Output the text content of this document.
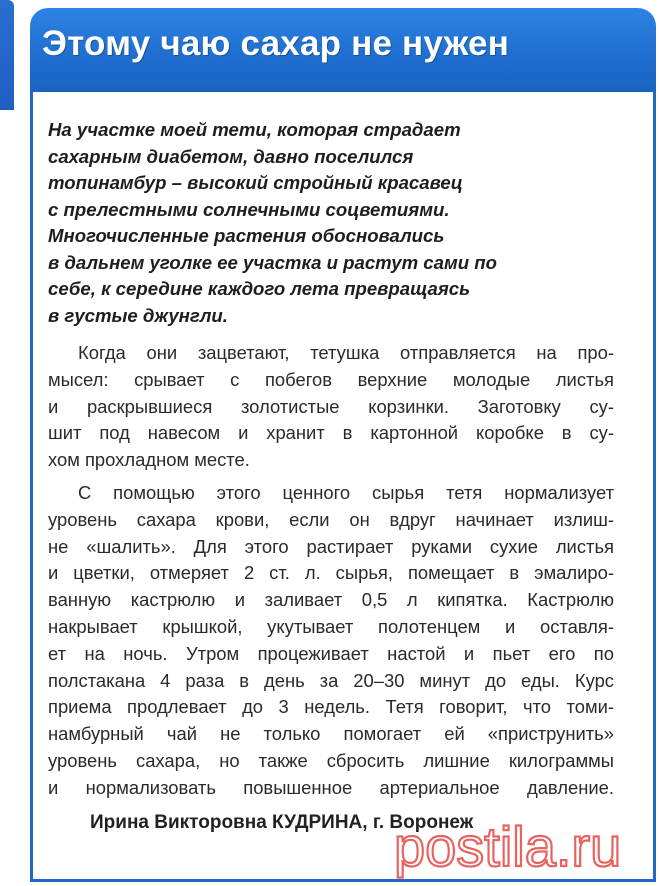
Этому чаю сахар не нужен
На участке моей тети, которая страдает
сахарным диабетом, давно поселился
топинамбур – высокий стройный красавец
с прелестными солнечными соцветиями.
Многочисленные растения обосновались
в дальнем уголке ее участка и растут сами по
себе, к середине каждого лета превращаясь
в густые джунгли.
Когда они зацветают, тетушка отправляется на про-
мысел: срывает с побегов верхние молодые листья
и раскрывшиеся золотистые корзинки. Заготовку су-
шит под навесом и хранит в картонной коробке в су-
хом прохладном месте.
С помощью этого ценного сырья тетя нормализует
уровень сахара крови, если он вдруг начинает излиш-
не «шалить». Для этого растирает руками сухие листья
и цветки, отмеряет 2 ст. л. сырья, помещает в эмалиро-
ванную кастрюлю и заливает 0,5 л кипятка. Кастрюлю
накрывает крышкой, укутывает полотенцем и оставля-
ет на ночь. Утром процеживает настой и пьет его по
полстакана 4 раза в день за 20–30 минут до еды. Курс
приема продлевает до 3 недель. Тетя говорит, что томи-
намбурный чай не только помогает ей «приструнить»
уровень сахара, но также сбросить лишние килограммы
и нормализовать повышенное артериальное давление.
Ирина Викторовна КУДРИНА, г. Воронеж
postila.ru
